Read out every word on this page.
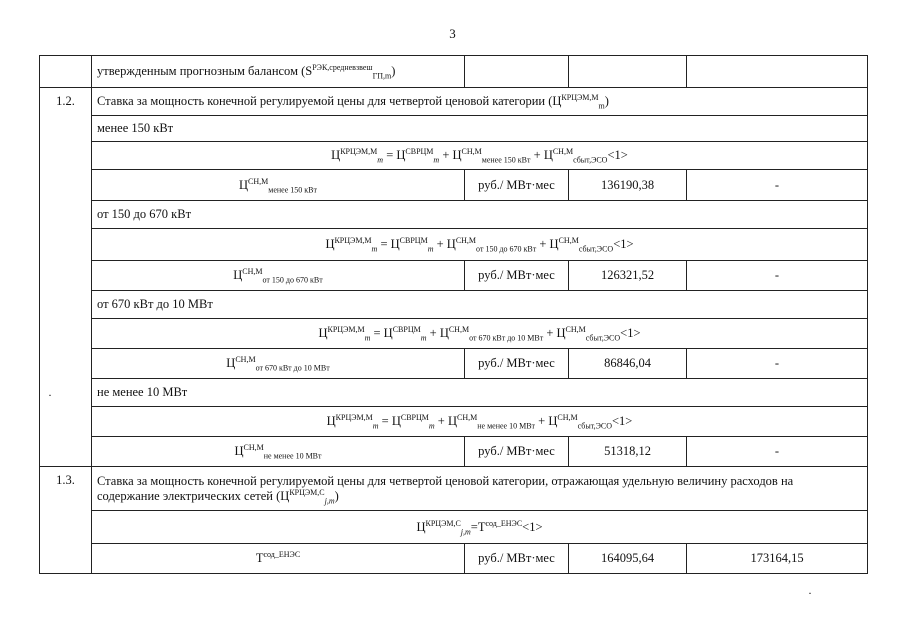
3
	утвержденным прогнозным балансом $(S^{РЭК,средневзвеш}_{ГП,m})$			
1.2.	Ставка за мощность конечной регулируемой цены для четвертой ценовой категории $(Ц^{КРЦЭМ,М}_m)$			
	менее 150 кВт			
	$Ц^{КРЦЭМ,М}_m = Ц^{СВРЦМ}_m + Ц^{СН,М}_{менее 150 кВт} + Ц^{СН,М}_{сбыт,ЭСО}<1>$			
	$Ц^{СН,М}_{менее 150 кВт}$	руб./ МВт·мес	136190,38	-
	от 150 до 670 кВт			
	$Ц^{КРЦЭМ,М}_m = Ц^{СВРЦМ}_m + Ц^{СН,М}_{от 150 до 670 кВт} + Ц^{СН,М}_{сбыт,ЭСО}<1>$			
	$Ц^{СН,М}_{от 150 до 670 кВт}$	руб./ МВт·мес	126321,52	-
	от 670 кВт до 10 МВт			
	$Ц^{КРЦЭМ,М}_m = Ц^{СВРЦМ}_m + Ц^{СН,М}_{от 670 кВт до 10 МВт} + Ц^{СН,М}_{сбыт,ЭСО}<1>$			
	$Ц^{СН,М}_{от 670 кВт до 10 МВт}$	руб./ МВт·мес	86846,04	-
	не менее 10 МВт			
	$Ц^{КРЦЭМ,М}_m = Ц^{СВРЦМ}_m + Ц^{СН,М}_{не менее 10 МВт} + Ц^{СН,М}_{сбыт,ЭСО}<1>$			
	$Ц^{СН,М}_{не менее 10 МВт}$	руб./ МВт·мес	51318,12	-
1.3.	Ставка за мощность конечной регулируемой цены для четвертой ценовой категории, отражающая удельную величину расходов на
содержание электрических сетей $(Ц^{КРЦЭМ,С}_{j,m})$			

	$Ц^{КРЦЭМ,С}_{j,m}=T^{сод\_ЕНЭС}<1>$			
	$T^{сод\_ЕНЭС}$	руб./ МВт·мес	164095,64	173164,15
·
·
